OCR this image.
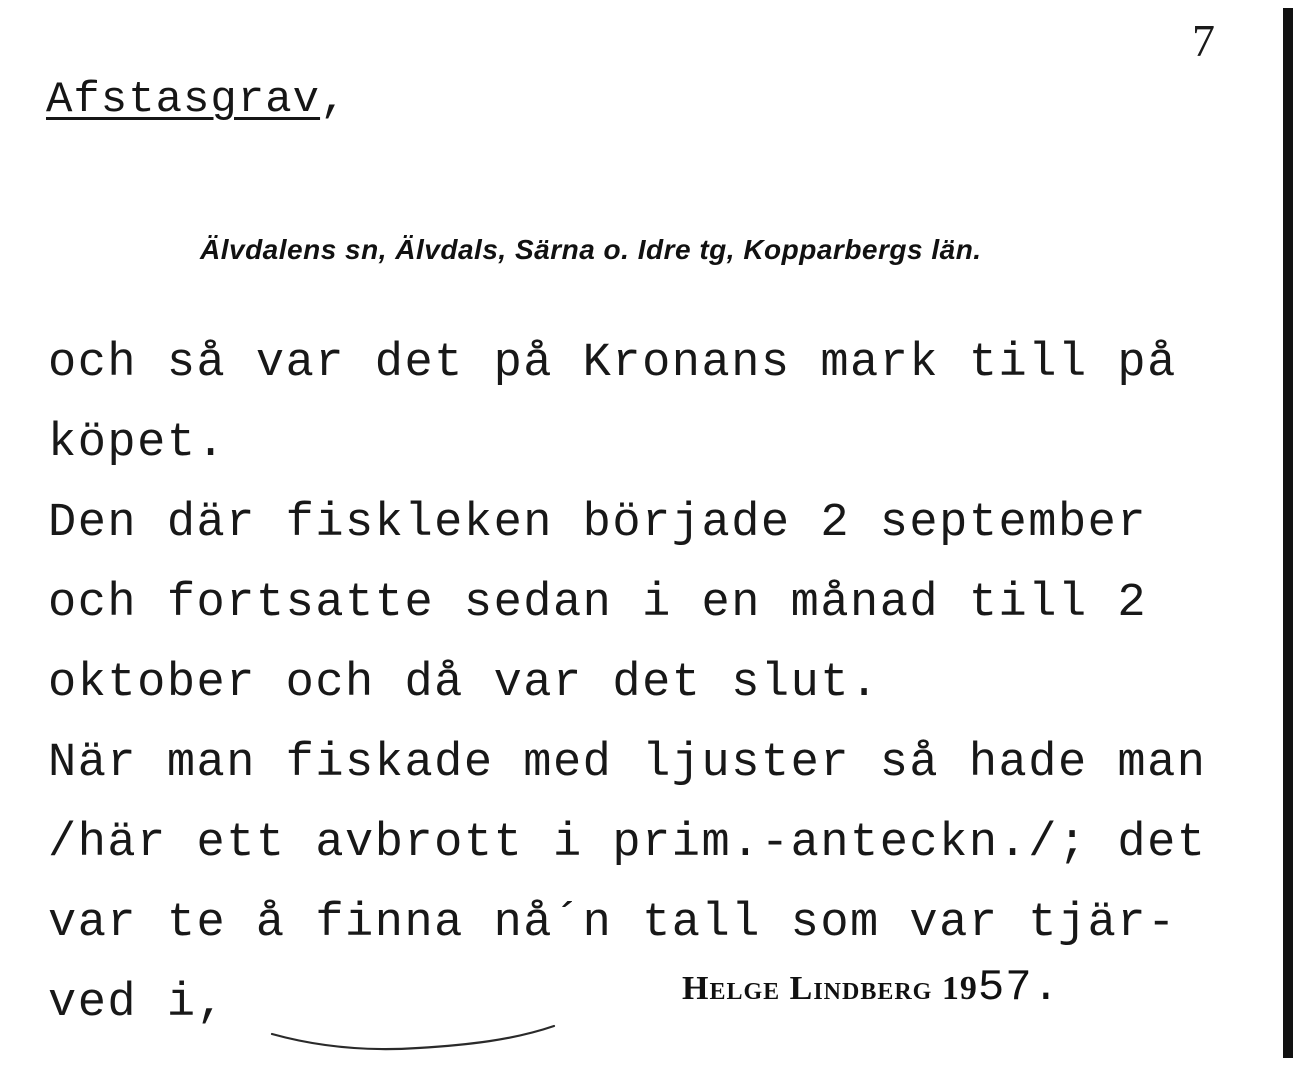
7
Afstasgrav,
Älvdalens sn, Älvdals, Särna o. Idre tg, Kopparbergs län.
och så var det på Kronans mark till på
köpet.
Den där fiskleken började 2 september
och fortsatte sedan i en månad till 2
oktober och då var det slut.
När man fiskade med ljuster så hade man
/här ett avbrott i prim.-anteckn./; det
var te å finna nå´n tall som var tjär-
ved i,	Helge Lindberg 1957.
